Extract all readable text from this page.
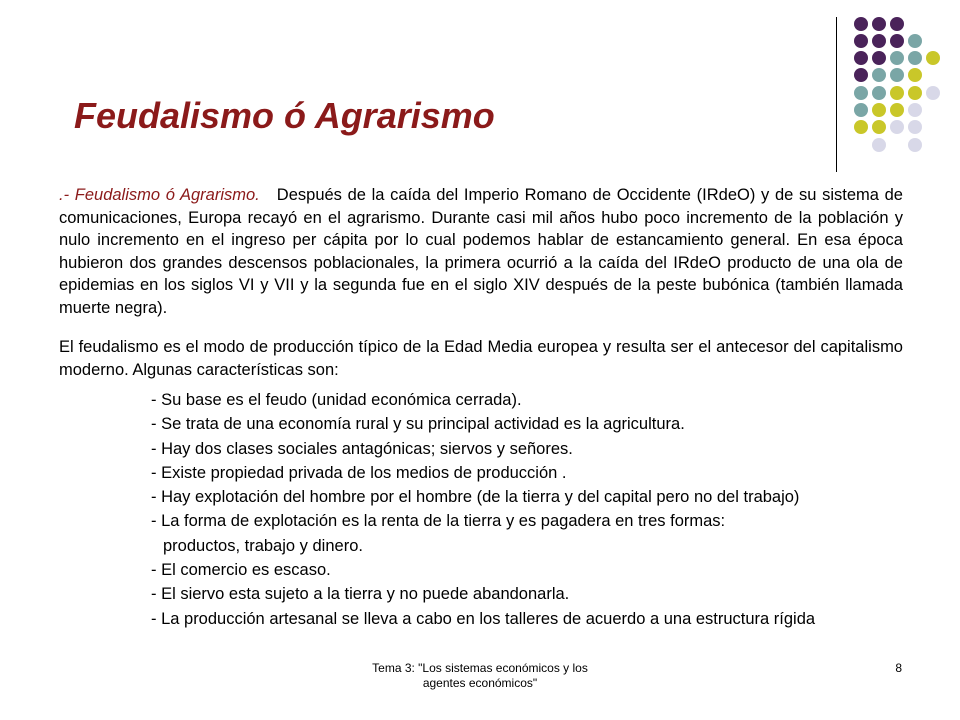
Feudalismo ó Agrarismo

.- Feudalismo ó Agrarismo. Después de la caída del Imperio Romano de Occidente (IRdeO) y de su sistema de comunicaciones, Europa recayó en el agrarismo. Durante casi mil años hubo poco incremento de la población y nulo incremento en el ingreso per cápita por lo cual podemos hablar de estancamiento general. En esa época hubieron dos grandes descensos poblacionales, la primera ocurrió a la caída del IRdeO producto de una ola de epidemias en los siglos VI y VII y la segunda fue en el siglo XIV después de la peste bubónica (también llamada muerte negra).

El feudalismo es el modo de producción típico de la Edad Media europea y resulta ser el antecesor del capitalismo moderno. Algunas características son:

- Su base es el feudo (unidad económica cerrada).
- Se trata de una economía rural y su principal actividad es la agricultura.
- Hay dos clases sociales antagónicas; siervos y señores.
- Existe propiedad privada de los medios de producción .
- Hay explotación del hombre por el hombre (de la tierra y del capital pero no del trabajo)
- La forma de explotación es la renta de la tierra y es pagadera en tres formas:
productos, trabajo y dinero.
- El comercio es escaso.
- El siervo esta sujeto a la tierra y no puede abandonarla.
- La producción artesanal se lleva a cabo en los talleres de acuerdo a una estructura rígida
Tema 3: "Los sistemas económicos y los
agentes económicos"
8
